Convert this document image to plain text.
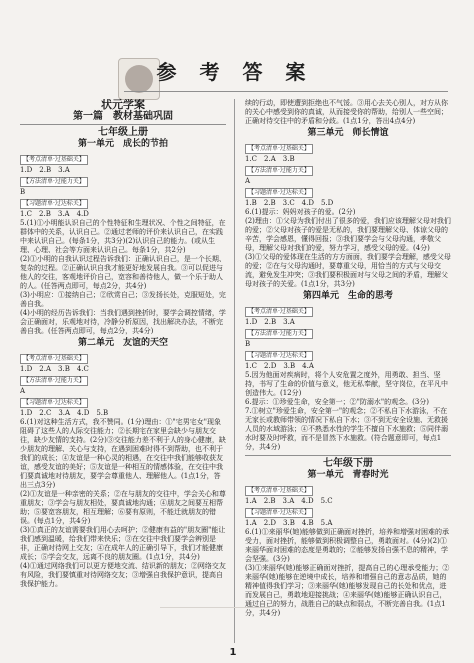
参 考 答 案
状元学案
第一篇　教材基础巩固
七年级上册
第一单元　成长的节拍
【考点清单·过基础关】

1.D　2.B　3.A

【方法清单·过能力关】

B

【习题清单·过达标关】

1.C　2.B　3.A　4.D

5.(1)①小明能认识自己的个性特征和生理状况、个性之间特征，在群体中的关系，认识自己。②通过老师的评价来认识自己，在实践中来认识自己。(每条1分，共3分)(2)认识自己的能力。(或从生理、心理、社会等方面来认识自己。每条1分，共2分)

(2)①小明的自我认识过程告诉我们：正确认识自己，是一个长期、复杂的过程。②正确认识自我才能更好地发展自我。③可以促进与他人的交往，客观地评价自己，宽容和善待他人，做一个乐于助人的人。(任答两点即可，每点2分，共4分)

(3)小明应：①接纳自己；②欣赏自己；③发扬长处，克服短处，完善自我。

(4)小明的经历告诉我们：当我们遇到挫折时，要学会调控情绪，学会正确面对，乐观地对待，冷静分析原因，找出解决办法，不断完善自我。(任答两点即可，每点2分，共4分)

第二单元　友谊的天空
【考点清单·过基础关】

1.D　2.A　3.B　4.C

【方法清单·过能力关】

A

【习题清单·过达标关】

1.D　2.C　3.A　4.D　5.B

6.(1)对这种生活方式，我不赞同。(1分)理由：①"宅男宅女"现象阻碍了这些人的人际交往能力；②长期宅在家里会缺少与朋友交往，缺少友情的支持。(2分)③交往能力差不利于人的身心健康，缺少朋友的理解、关心与支持，在遇到困难时得不到帮助，也不利于我们的成长；④友谊是一种心灵的相遇，在交往中我们能够收获友谊，感受友谊的美好；⑤友谊是一种相互的情感体验，在交往中我们要真诚地对待朋友，要学会尊重他人、理解他人。(1点1分，答出三点3分)

(2)①友谊是一种亲密的关系；②在与朋友的交往中，学会关心和尊重朋友；③学会与朋友相处，要真诚地沟通；④朋友之间要互相帮助；⑤要宽容朋友，相互理解；⑥要有原则，不能迁就朋友的错误。(每点1分，共4分)

(3)①真正的友谊需要我们用心去呵护；②健康有益的"朋友圈"能让我们感到温暖，给我们带来快乐；③在交往中我们要学会辨别是非，正确对待网上交友；④在成年人的正确引导下，我们才能健康成长；⑤学会交友，远离不良的朋友圈。(1点1分，共4分)

(4)①通过网络我们可以更方便地交流、结识新的朋友；②网络交友有风险，我们要慎重对待网络交友；③增强自我保护意识，提高自我保护能力。

续的行动，即使遭到拒绝也不气馁。③用心去关心别人，对方从你的关心中感受到你的真诚，从而接受你的帮助，给别人一些空间；正确对待交往中的矛盾和分歧。(1点1分，答出4点4分)

第三单元　师长情谊
【考点清单·过基础关】

1.C　2.A　3.B

【方法清单·过能力关】

A

【习题清单·过达标关】

1.B　2.B　3.C　4.D　5.D

6.(1)提示：妈妈对孩子的爱。(2分)

(2)理由：①父母为我们付出了很多的爱，我们应该理解父母对我们的爱；②父母对孩子的爱是无私的，我们要理解父母、体谅父母的辛苦，学会感恩，懂得回报；③我们要学会与父母沟通，孝敬父母，理解父母对我们的爱，努力学习，感受父母的爱。(4分)

(3)①父母的爱体现在生活的方方面面，我们要学会理解，感受父母的爱；②在与父母沟通时，要尊重父母，用恰当的方式与父母交流，避免发生冲突；③我们要积极面对与父母之间的矛盾，理解父母对孩子的关爱。(1点1分，共3分)

第四单元　生命的思考
【考点清单·过基础关】

1.D　2.B　3.A

【方法清单·过能力关】

B

【习题清单·过达标关】

1.C　2.D　3.B　4.A

5.因为他面对疾病时，将个人安危置之度外，用勇敢、担当、坚持，书写了生命的价值与意义，他无私奉献，坚守岗位，在平凡中创造伟大。(12分)

6.提示：①珍爱生命，安全第一；②"防溺水"的观念。(3分)

7.①树立"珍爱生命，安全第一"的观念；②不私自下水游泳，不在无家长或教师带领的情况下私自下水；③不到无安全设施、无救援人员的水域游泳；④不熟悉水性的学生不擅自下水施救；⑤同伴溺水时要及时呼救，而不是冒然下水施救。(符合题意即可，每点1分，共4分)

七年级下册
第一单元　青春时光
【考点清单·过基础关】

1.A　2.B　3.A　4.D　5.C

【习题清单·过达标关】

1.A　2.D　3.B　4.B　5.A

6.(1)①来丽华(她)能够做到正确面对挫折，培养和增强对困难的承受力，面对挫折，能够做到积极调整自己，勇敢面对。(4分)(2)①来丽华面对困难的态度是勇敢的；②能够发扬自强不息的精神，学会坚强。(3分)

(3)①来丽华(她)能够正确面对挫折，提高自己的心理承受能力；②来丽华(她)能够在逆境中成长，培养和增强自己的意志品质，她的精神值得我们学习；③来丽华(她)能够发现自己的长处和优点，进而发展自己，勇敢地迎接挑战；④来丽华(她)能够正确认识自己，通过自己的努力，战胜自己的缺点和弱点，不断完善自我。(1点1分，共4分)

1
